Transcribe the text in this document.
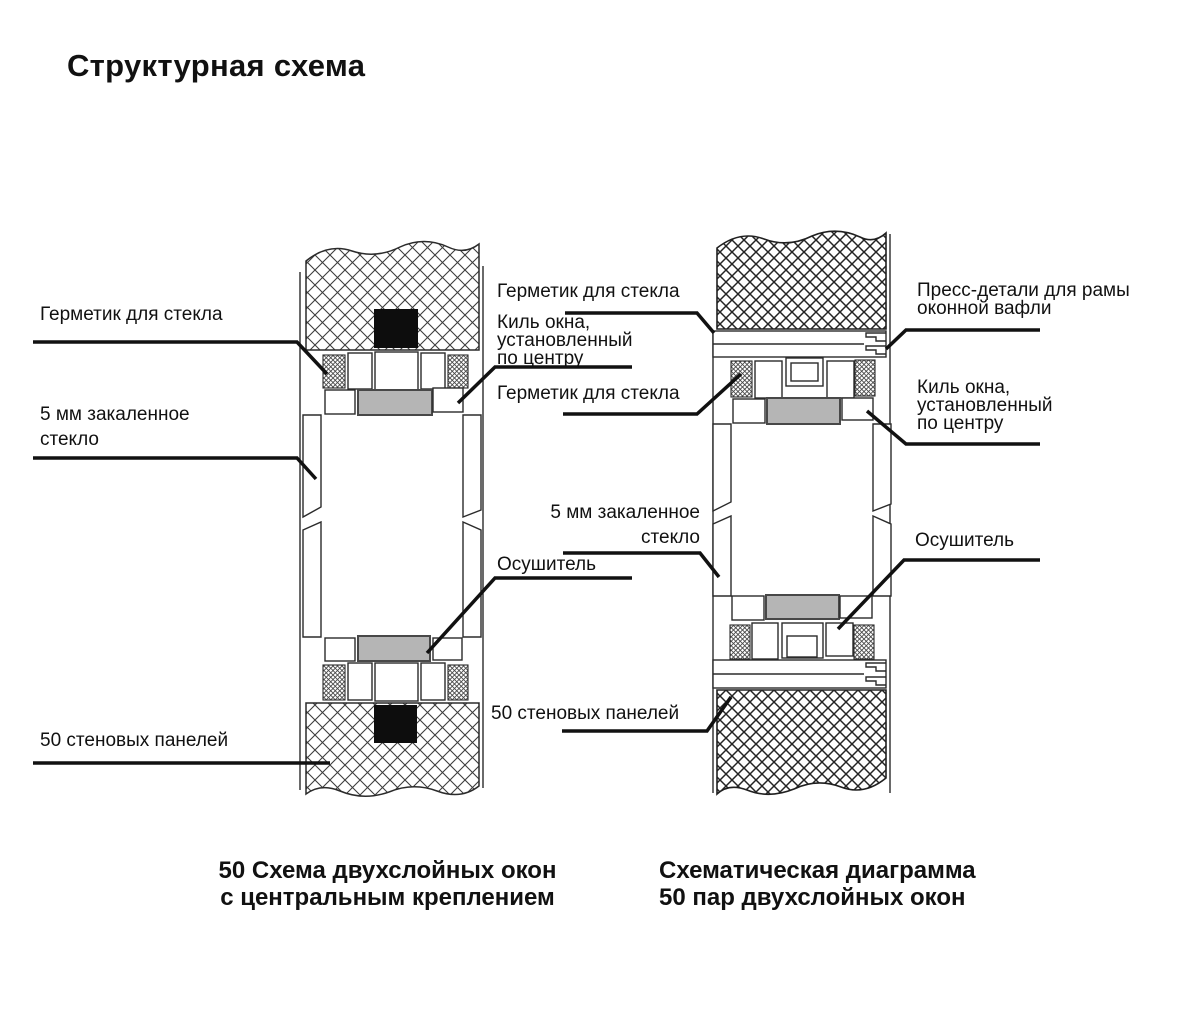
Структурная схема
Герметик для стекла
5 мм закаленное
стекло
50 стеновых панелей
Герметик для стекла
Киль окна,
установленный
по центру
Герметик для стекла
5 мм закаленное
стекло
Осушитель
50 стеновых панелей
Пресс-детали для рамы
оконной вафли
Киль окна,
установленный
по центру
Осушитель
50 Схема двухслойных окон
с центральным креплением
Схематическая диаграмма
50 пар двухслойных окон
